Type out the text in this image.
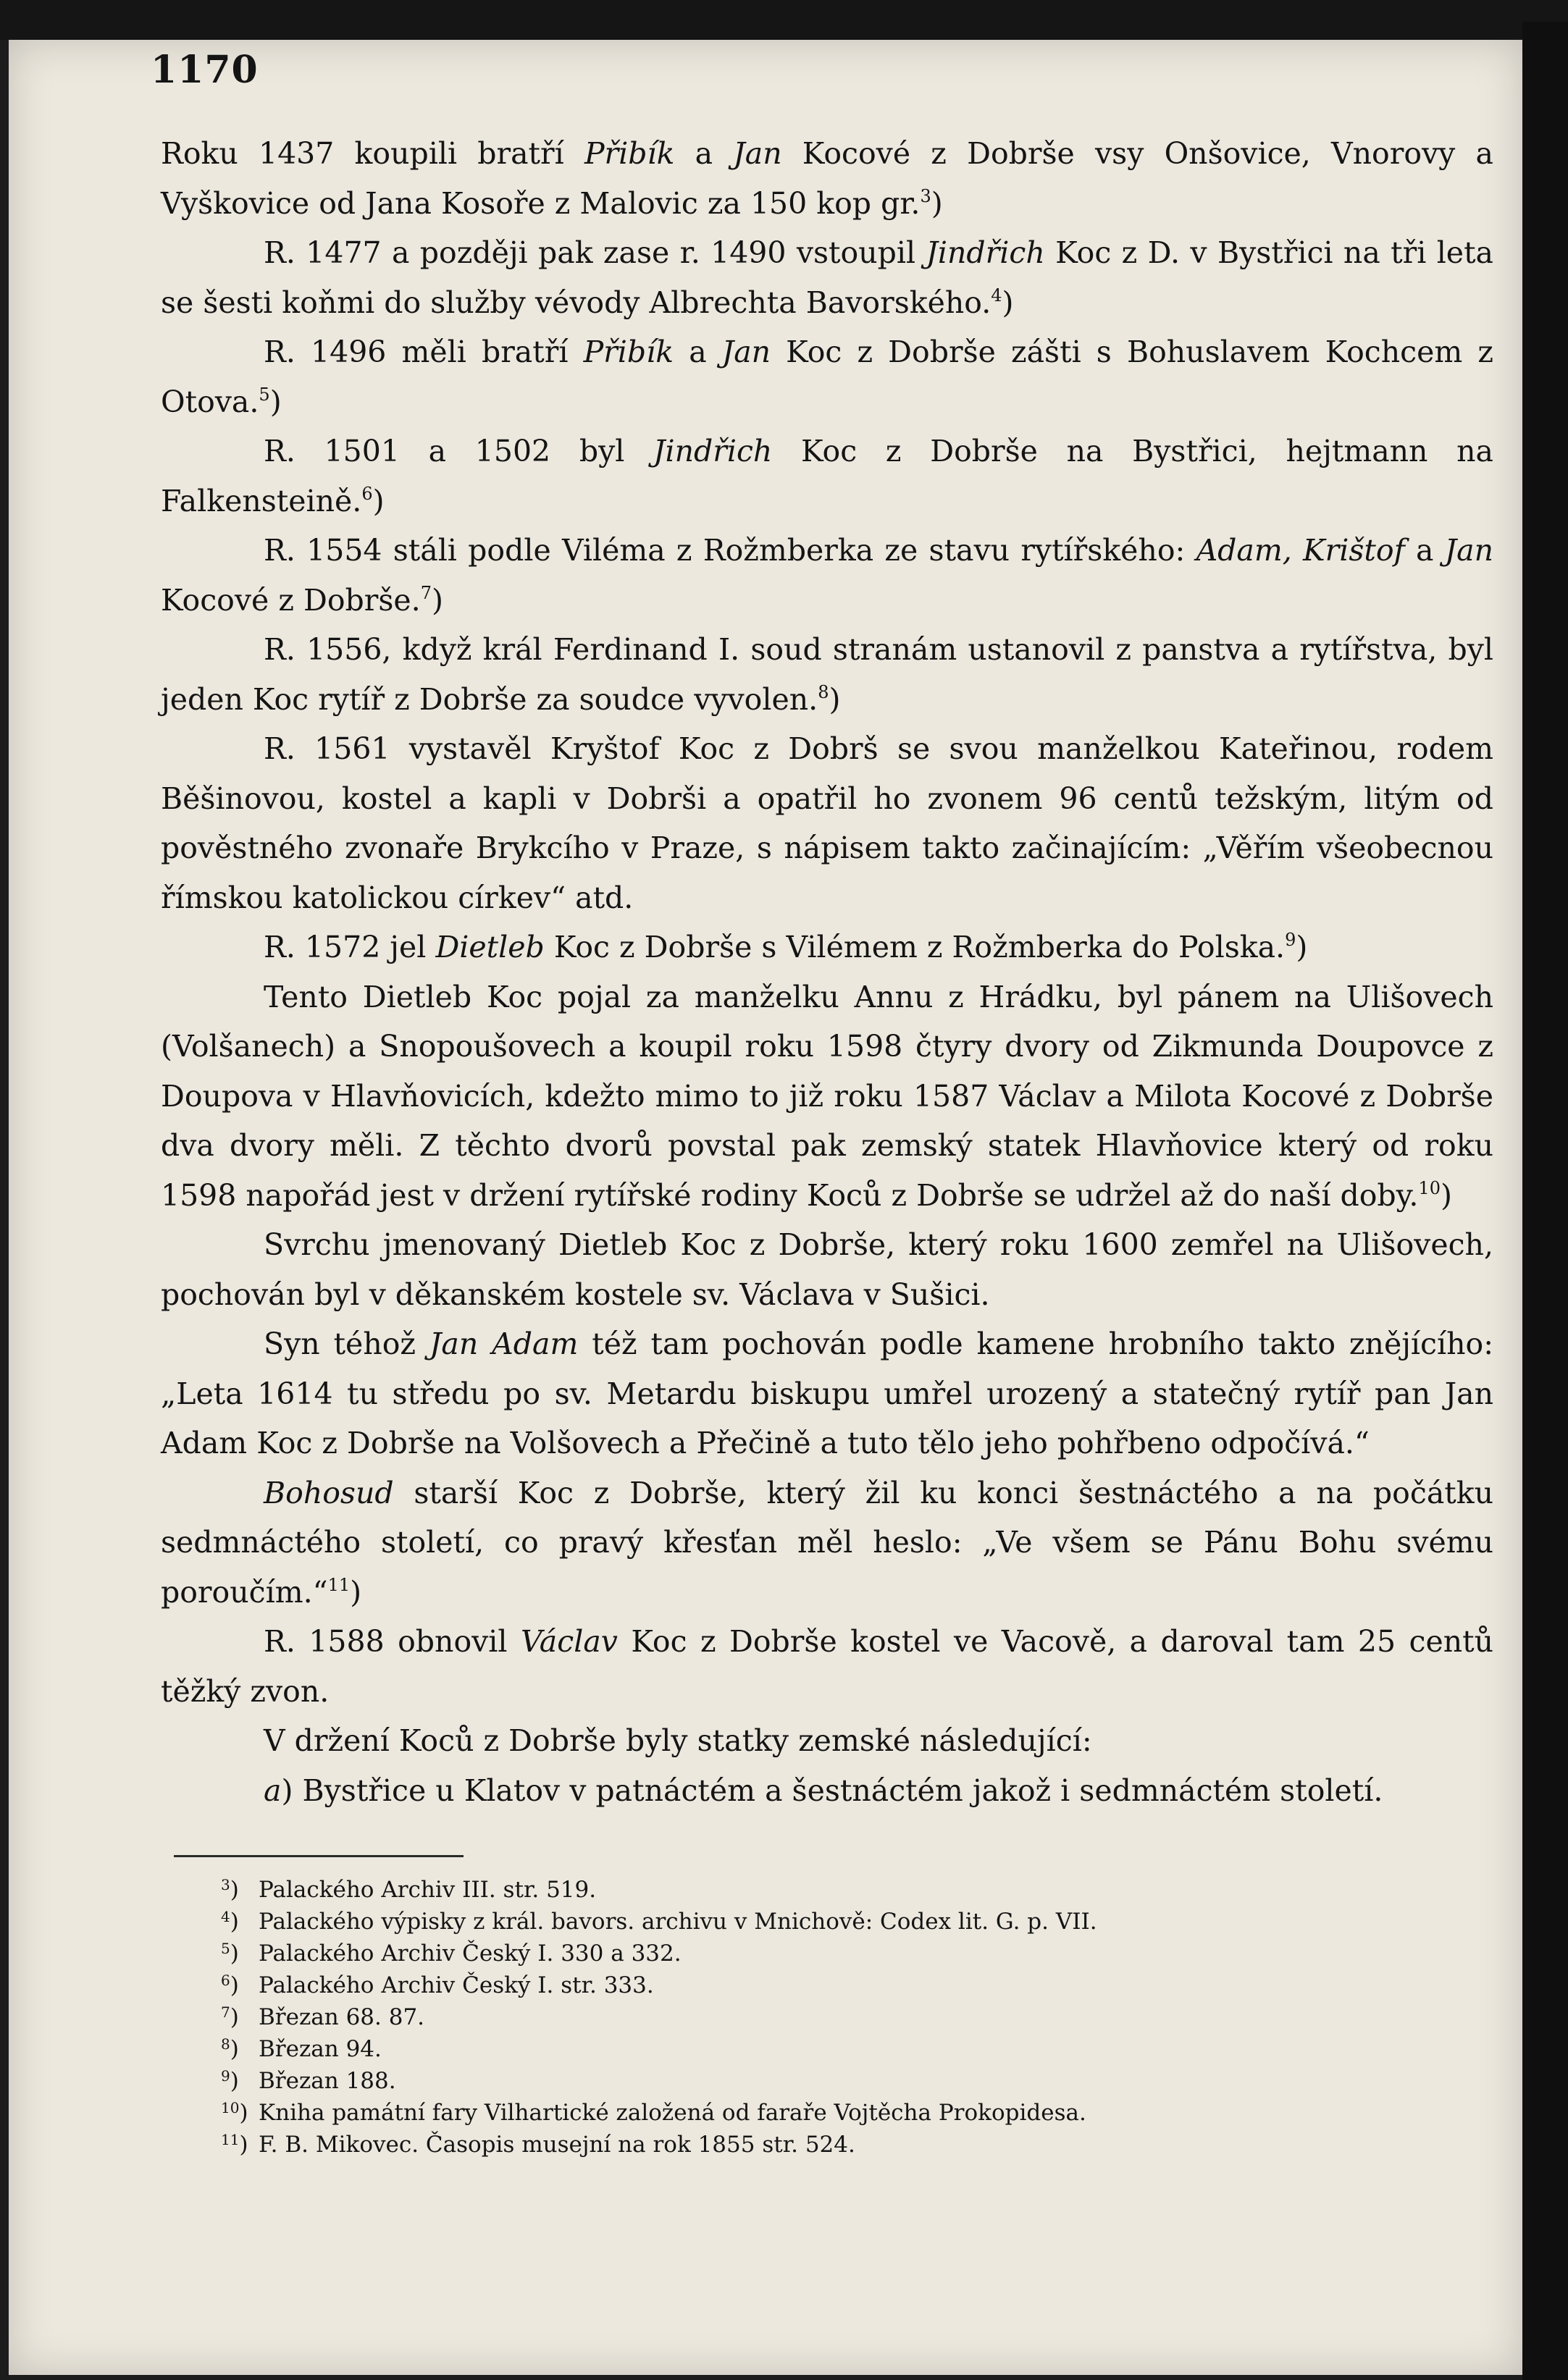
1170

Roku 1437 koupili bratří Přibík a Jan Kocové z Dobrše vsy Onšovice, Vnorovy a Vyškovice od Jana Kosoře z Malovic za 150 kop gr.$^3$)

R. 1477 a později pak zase r. 1490 vstoupil Jindřich Koc z D. v Bystřici na tři leta se šesti koňmi do služby vévody Albrechta Bavorského.$^4$)

R. 1496 měli bratří Přibík a Jan Koc z Dobrše zášti s Bohuslavem Kochcem z Otova.$^5$)

R. 1501 a 1502 byl Jindřich Koc z Dobrše na Bystřici, hejtmann na Falkensteině.$^6$)

R. 1554 stáli podle Viléma z Rožmberka ze stavu rytířského: Adam, Krištof a Jan Kocové z Dobrše.$^7$)

R. 1556, když král Ferdinand I. soud stranám ustanovil z panstva a rytířstva, byl jeden Koc rytíř z Dobrše za soudce vyvolen.$^8$)

R. 1561 vystavěl Kryštof Koc z Dobrš se svou manželkou Kateřinou, rodem Běšinovou, kostel a kapli v Dobrši a opatřil ho zvonem 96 centů težským, litým od pověstného zvonaře Brykcího v Praze, s nápisem takto začinajícím: „Věřím všeobecnou římskou katolickou církev“ atd.

R. 1572 jel Dietleb Koc z Dobrše s Vilémem z Rožmberka do Polska.$^9$)

Tento Dietleb Koc pojal za manželku Annu z Hrádku, byl pánem na Ulišovech (Volšanech) a Snopoušovech a koupil roku 1598 čtyry dvory od Zikmunda Doupovce z Doupova v Hlavňovicích, kdežto mimo to již roku 1587 Václav a Milota Kocové z Dobrše dva dvory měli. Z těchto dvorů povstal pak zemský statek Hlavňovice který od roku 1598 napořád jest v držení rytířské rodiny Koců z Dobrše se udržel až do naší doby.$^{10}$)

Svrchu jmenovaný Dietleb Koc z Dobrše, který roku 1600 zemřel na Ulišovech, pochován byl v děkanském kostele sv. Václava v Sušici.

Syn téhož Jan Adam též tam pochován podle kamene hrobního takto znějícího: „Leta 1614 tu středu po sv. Metardu biskupu umřel urozený a statečný rytíř pan Jan Adam Koc z Dobrše na Volšovech a Přečině a tuto tělo jeho pohřbeno odpočívá.“

Bohosud starší Koc z Dobrše, který žil ku konci šestnáctého a na počátku sedmnáctého století, co pravý křesťan měl heslo: „Ve všem se Pánu Bohu svému poroučím.“$^{11}$)

R. 1588 obnovil Václav Koc z Dobrše kostel ve Vacově, a daroval tam 25 centů těžký zvon.

V držení Koců z Dobrše byly statky zemské následující:

a) Bystřice u Klatov v patnáctém a šestnáctém jakož i sedmnáctém století.

$^3$) Palackého Archiv III. str. 519.
$^4$) Palackého výpisky z král. bavors. archivu v Mnichově: Codex lit. G. p. VII.
$^5$) Palackého Archiv Český I. 330 a 332.
$^6$) Palackého Archiv Český I. str. 333.
$^7$) Březan 68. 87.
$^8$) Březan 94.
$^9$) Březan 188.
$^{10}$) Kniha památní fary Vilhartické založená od faraře Vojtěcha Prokopidesa.
$^{11}$) F. B. Mikovec. Časopis musejní na rok 1855 str. 524.
